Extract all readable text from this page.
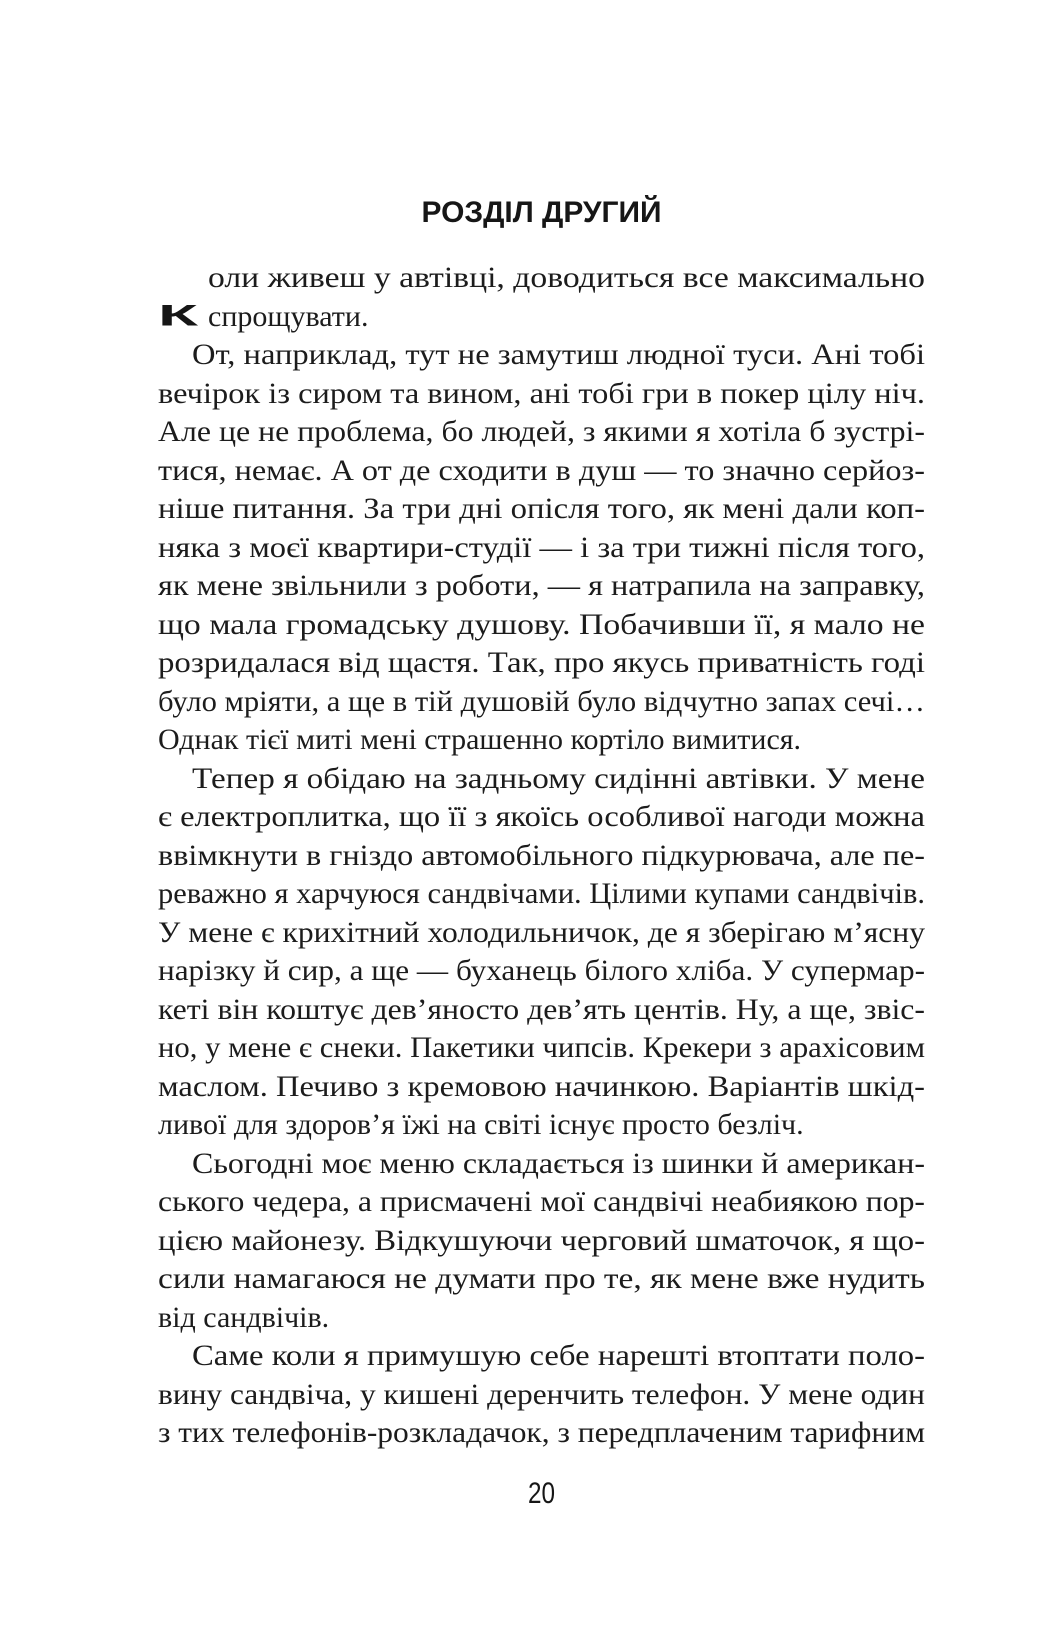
РОЗДІЛ ДРУГИЙ
К
оли живеш у автівці, доводиться все максимально
спрощувати.
От, наприклад, тут не замутиш людної туси. Ані тобі
вечірок із сиром та вином, ані тобі гри в покер цілу ніч.
Але це не проблема, бо людей, з якими я хотіла б зустрі-
тися, немає. А от де сходити в душ — то значно серйоз-
ніше питання. За три дні опісля того, як мені дали коп-
няка з моєї квартири-студії — і за три тижні після того,
як мене звільнили з роботи, — я натрапила на заправку,
що мала громадську душову. Побачивши її, я мало не
розридалася від щастя. Так, про якусь приватність годі
було мріяти, а ще в тій душовій було відчутно запах сечі…
Однак тієї миті мені страшенно кортіло вимитися.
Тепер я обідаю на задньому сидінні автівки. У мене
є електроплитка, що її з якоїсь особливої нагоди можна
ввімкнути в гніздо автомобільного підкурювача, але пе-
реважно я харчуюся сандвічами. Цілими купами сандвічів.
У мене є крихітний холодильничок, де я зберігаю м’ясну
нарізку й сир, а ще — буханець білого хліба. У супермар-
кеті він коштує дев’яносто дев’ять центів. Ну, а ще, звіс-
но, у мене є снеки. Пакетики чипсів. Крекери з арахісовим
маслом. Печиво з кремовою начинкою. Варіантів шкід-
ливої для здоров’я їжі на світі існує просто безліч.
Сьогодні моє меню складається із шинки й американ-
ського чедера, а присмачені мої сандвічі неабиякою пор-
цією майонезу. Відкушуючи черговий шматочок, я що-
сили намагаюся не думати про те, як мене вже нудить
від сандвічів.
Саме коли я примушую себе нарешті втоптати поло-
вину сандвіча, у кишені деренчить телефон. У мене один
з тих телефонів-розкладачок, з передплаченим тарифним
20
